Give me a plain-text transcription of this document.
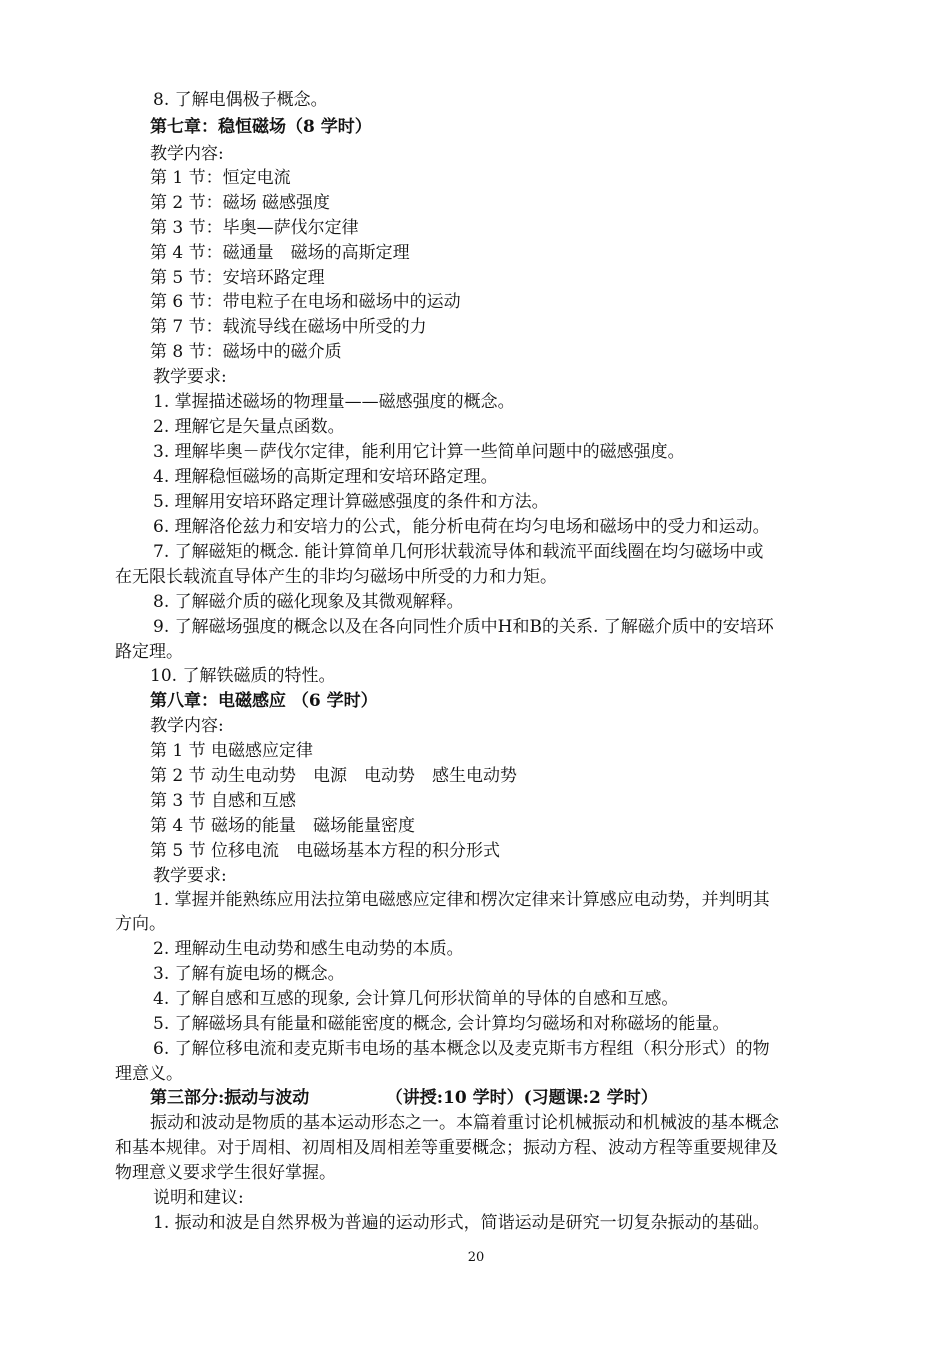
8. 了解电偶极子概念。
第七章：稳恒磁场（8 学时）
教学内容:
第 1 节：恒定电流
第 2 节：磁场 磁感强度
第 3 节：毕奥—萨伐尔定律
第 4 节：磁通量　磁场的高斯定理
第 5 节：安培环路定理
第 6 节：带电粒子在电场和磁场中的运动
第 7 节：载流导线在磁场中所受的力
第 8 节：磁场中的磁介质
教学要求:
1. 掌握描述磁场的物理量——磁感强度的概念。
2. 理解它是矢量点函数。
3. 理解毕奥－萨伐尔定律，能利用它计算一些简单问题中的磁感强度。
4. 理解稳恒磁场的高斯定理和安培环路定理。
5. 理解用安培环路定理计算磁感强度的条件和方法。
6. 理解洛伦兹力和安培力的公式，能分析电荷在均匀电场和磁场中的受力和运动。
7. 了解磁矩的概念. 能计算简单几何形状载流导体和载流平面线圈在均匀磁场中或
在无限长载流直导体产生的非均匀磁场中所受的力和力矩。
8. 了解磁介质的磁化现象及其微观解释。
9. 了解磁场强度的概念以及在各向同性介质中H和B的关系. 了解磁介质中的安培环
路定理。
10. 了解铁磁质的特性。
第八章：电磁感应 （6 学时）
教学内容:
第 1 节 电磁感应定律
第 2 节 动生电动势　电源　电动势　感生电动势
第 3 节 自感和互感
第 4 节 磁场的能量　磁场能量密度
第 5 节 位移电流　电磁场基本方程的积分形式
教学要求:
1. 掌握并能熟练应用法拉第电磁感应定律和楞次定律来计算感应电动势，并判明其
方向。
2. 理解动生电动势和感生电动势的本质。
3. 了解有旋电场的概念。
4. 了解自感和互感的现象, 会计算几何形状简单的导体的自感和互感。
5. 了解磁场具有能量和磁能密度的概念, 会计算均匀磁场和对称磁场的能量。
6. 了解位移电流和麦克斯韦电场的基本概念以及麦克斯韦方程组（积分形式）的物
理意义。
第三部分:振动与波动　　　　　（讲授:10 学时）(习题课:2 学时）
振动和波动是物质的基本运动形态之一。本篇着重讨论机械振动和机械波的基本概念
和基本规律。对于周相、初周相及周相差等重要概念；振动方程、波动方程等重要规律及
物理意义要求学生很好掌握。
说明和建议:
1. 振动和波是自然界极为普遍的运动形式，简谐运动是研究一切复杂振动的基础。
20
